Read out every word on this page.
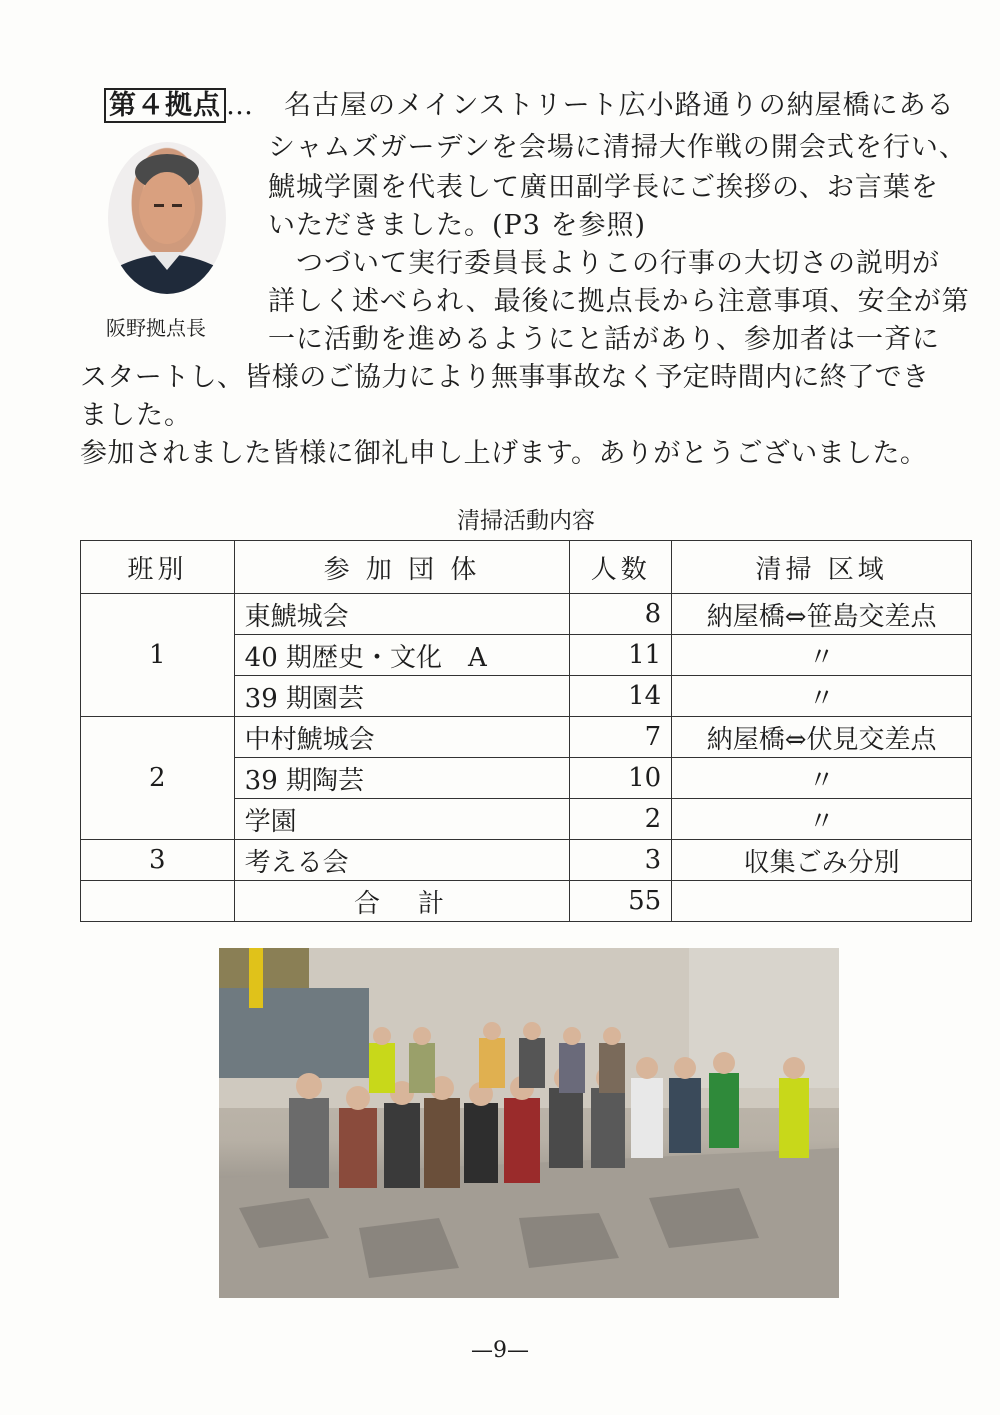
第４拠点 … 名古屋のメインストリート広小路通りの納屋橋にある
シャムズガーデンを会場に清掃大作戦の開会式を行い、
鯱城学園を代表して廣田副学長にご挨拶の、お言葉を
いただきました。(P3 を参照)
つづいて実行委員長よりこの行事の大切さの説明が
詳しく述べられ、最後に拠点長から注意事項、安全が第
一に活動を進めるようにと話があり、参加者は一斉に
スタートし、皆様のご協力により無事事故なく予定時間内に終了でき
ました。
参加されました皆様に御礼申し上げます。ありがとうございました。
阪野拠点長
清掃活動内容
班別	参 加 団 体	人数	清掃 区域
1	東鯱城会	8	納屋橋⇔笹島交差点
	40 期歴史・文化　A	11	〃
	39 期園芸	14	〃
2	中村鯱城会	7	納屋橋⇔伏見交差点
	39 期陶芸	10	〃
	学園	2	〃
3	考える会	3	収集ごみ分別
	合　計	55	
—9—
